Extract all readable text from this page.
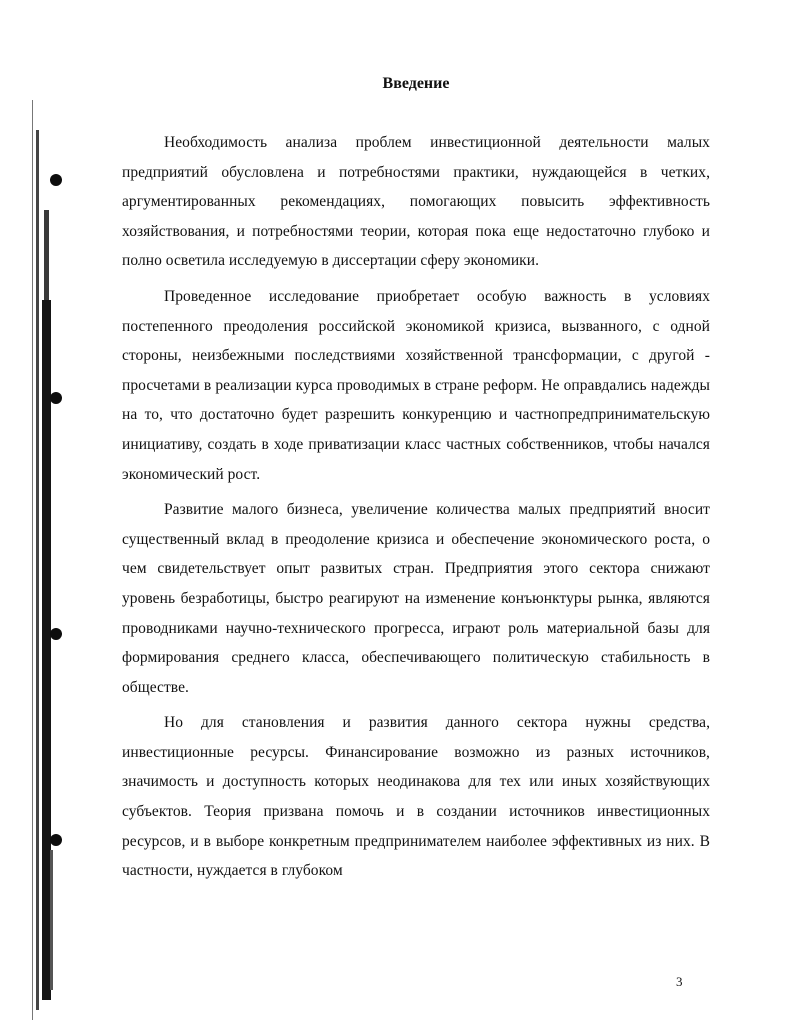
Введение

Необходимость анализа проблем инвестиционной деятельности малых предприятий обусловлена и потребностями практики, нуждающейся в четких, аргументированных рекомендациях, помогающих повысить эффективность хозяйствования, и потребностями теории, которая пока еще недостаточно глубоко и полно осветила исследуемую в диссертации сферу экономики.

Проведенное исследование приобретает особую важность в условиях постепенного преодоления российской экономикой кризиса, вызванного, с одной стороны, неизбежными последствиями хозяйственной трансформации, с другой - просчетами в реализации курса проводимых в стране реформ. Не оправдались надежды на то, что достаточно будет разрешить конкуренцию и частнопредпринимательскую инициативу, создать в ходе приватизации класс частных собственников, чтобы начался экономический рост.

Развитие малого бизнеса, увеличение количества малых предприятий вносит существенный вклад в преодоление кризиса и обеспечение экономического роста, о чем свидетельствует опыт развитых стран. Предприятия этого сектора снижают уровень безработицы, быстро реагируют на изменение конъюнктуры рынка, являются проводниками научно-технического прогресса, играют роль материальной базы для формирования среднего класса, обеспечивающего политическую стабильность в обществе.

Но для становления и развития данного сектора нужны средства, инвестиционные ресурсы. Финансирование возможно из разных источников, значимость и доступность которых неодинакова для тех или иных хозяйствующих субъектов. Теория призвана помочь и в создании источников инвестиционных ресурсов, и в выборе конкретным предпринимателем наиболее эффективных из них. В частности, нуждается в глубоком

3
